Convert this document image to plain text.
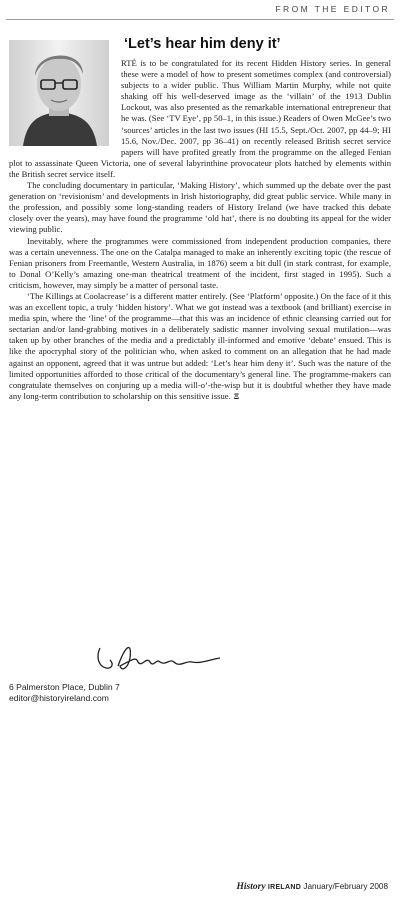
FROM THE EDITOR
‘Let’s hear him deny it’

RTÉ is to be congratulated for its recent Hidden History series. In general these were a model of how to present sometimes complex (and controversial) subjects to a wider public. Thus William Martin Murphy, while not quite shaking off his well-deserved image as the ‘villain’ of the 1913 Dublin Lockout, was also presented as the remarkable international entrepreneur that he was. (See ‘TV Eye’, pp 50–1, in this issue.) Readers of Owen McGee’s two ‘sources’ articles in the last two issues (HI 15.5, Sept./Oct. 2007, pp 44–9; HI 15.6, Nov./Dec. 2007, pp 36–41) on recently released British secret service papers will have profited greatly from the programme on the alleged Fenian plot to assassinate Queen Victoria, one of several labyrinthine provocateur plots hatched by elements within the British secret service itself.

The concluding documentary in particular, ‘Making History’, which summed up the debate over the past generation on ‘revisionism’ and developments in Irish historiography, did great public service. While many in the profession, and possibly some long-standing readers of History Ireland (we have tracked this debate closely over the years), may have found the programme ‘old hat’, there is no doubting its appeal for the wider viewing public.

Inevitably, where the programmes were commissioned from independent production companies, there was a certain unevenness. The one on the Catalpa managed to make an inherently exciting topic (the rescue of Fenian prisoners from Freemantle, Western Australia, in 1876) seem a bit dull (in stark contrast, for example, to Donal O’Kelly’s amazing one-man theatrical treatment of the incident, first staged in 1995). Such a criticism, however, may simply be a matter of personal taste.

‘The Killings at Coolacrease’ is a different matter entirely. (See ‘Platform’ opposite.) On the face of it this was an excellent topic, a truly ‘hidden history’. What we got instead was a textbook (and brilliant) exercise in media spin, where the ‘line’ of the programme—that this was an incidence of ethnic cleansing carried out for sectarian and/or land-grabbing motives in a deliberately sadistic manner involving sexual mutilation—was taken up by other branches of the media and a predictably ill-informed and emotive ‘debate’ ensued. This is like the apocryphal story of the politician who, when asked to comment on an allegation that he had made against an opponent, agreed that it was untrue but added: ‘Let’s hear him deny it’. Such was the nature of the limited opportunities afforded to those critical of the documentary’s general line. The programme-makers can congratulate themselves on conjuring up a media will-o’-the-wisp but it is doubtful whether they have made any long-term contribution to scholarship on this sensitive issue. Ξ

6 Palmerston Place, Dublin 7
editor@historyireland.com
History IRELAND January/February 2008
